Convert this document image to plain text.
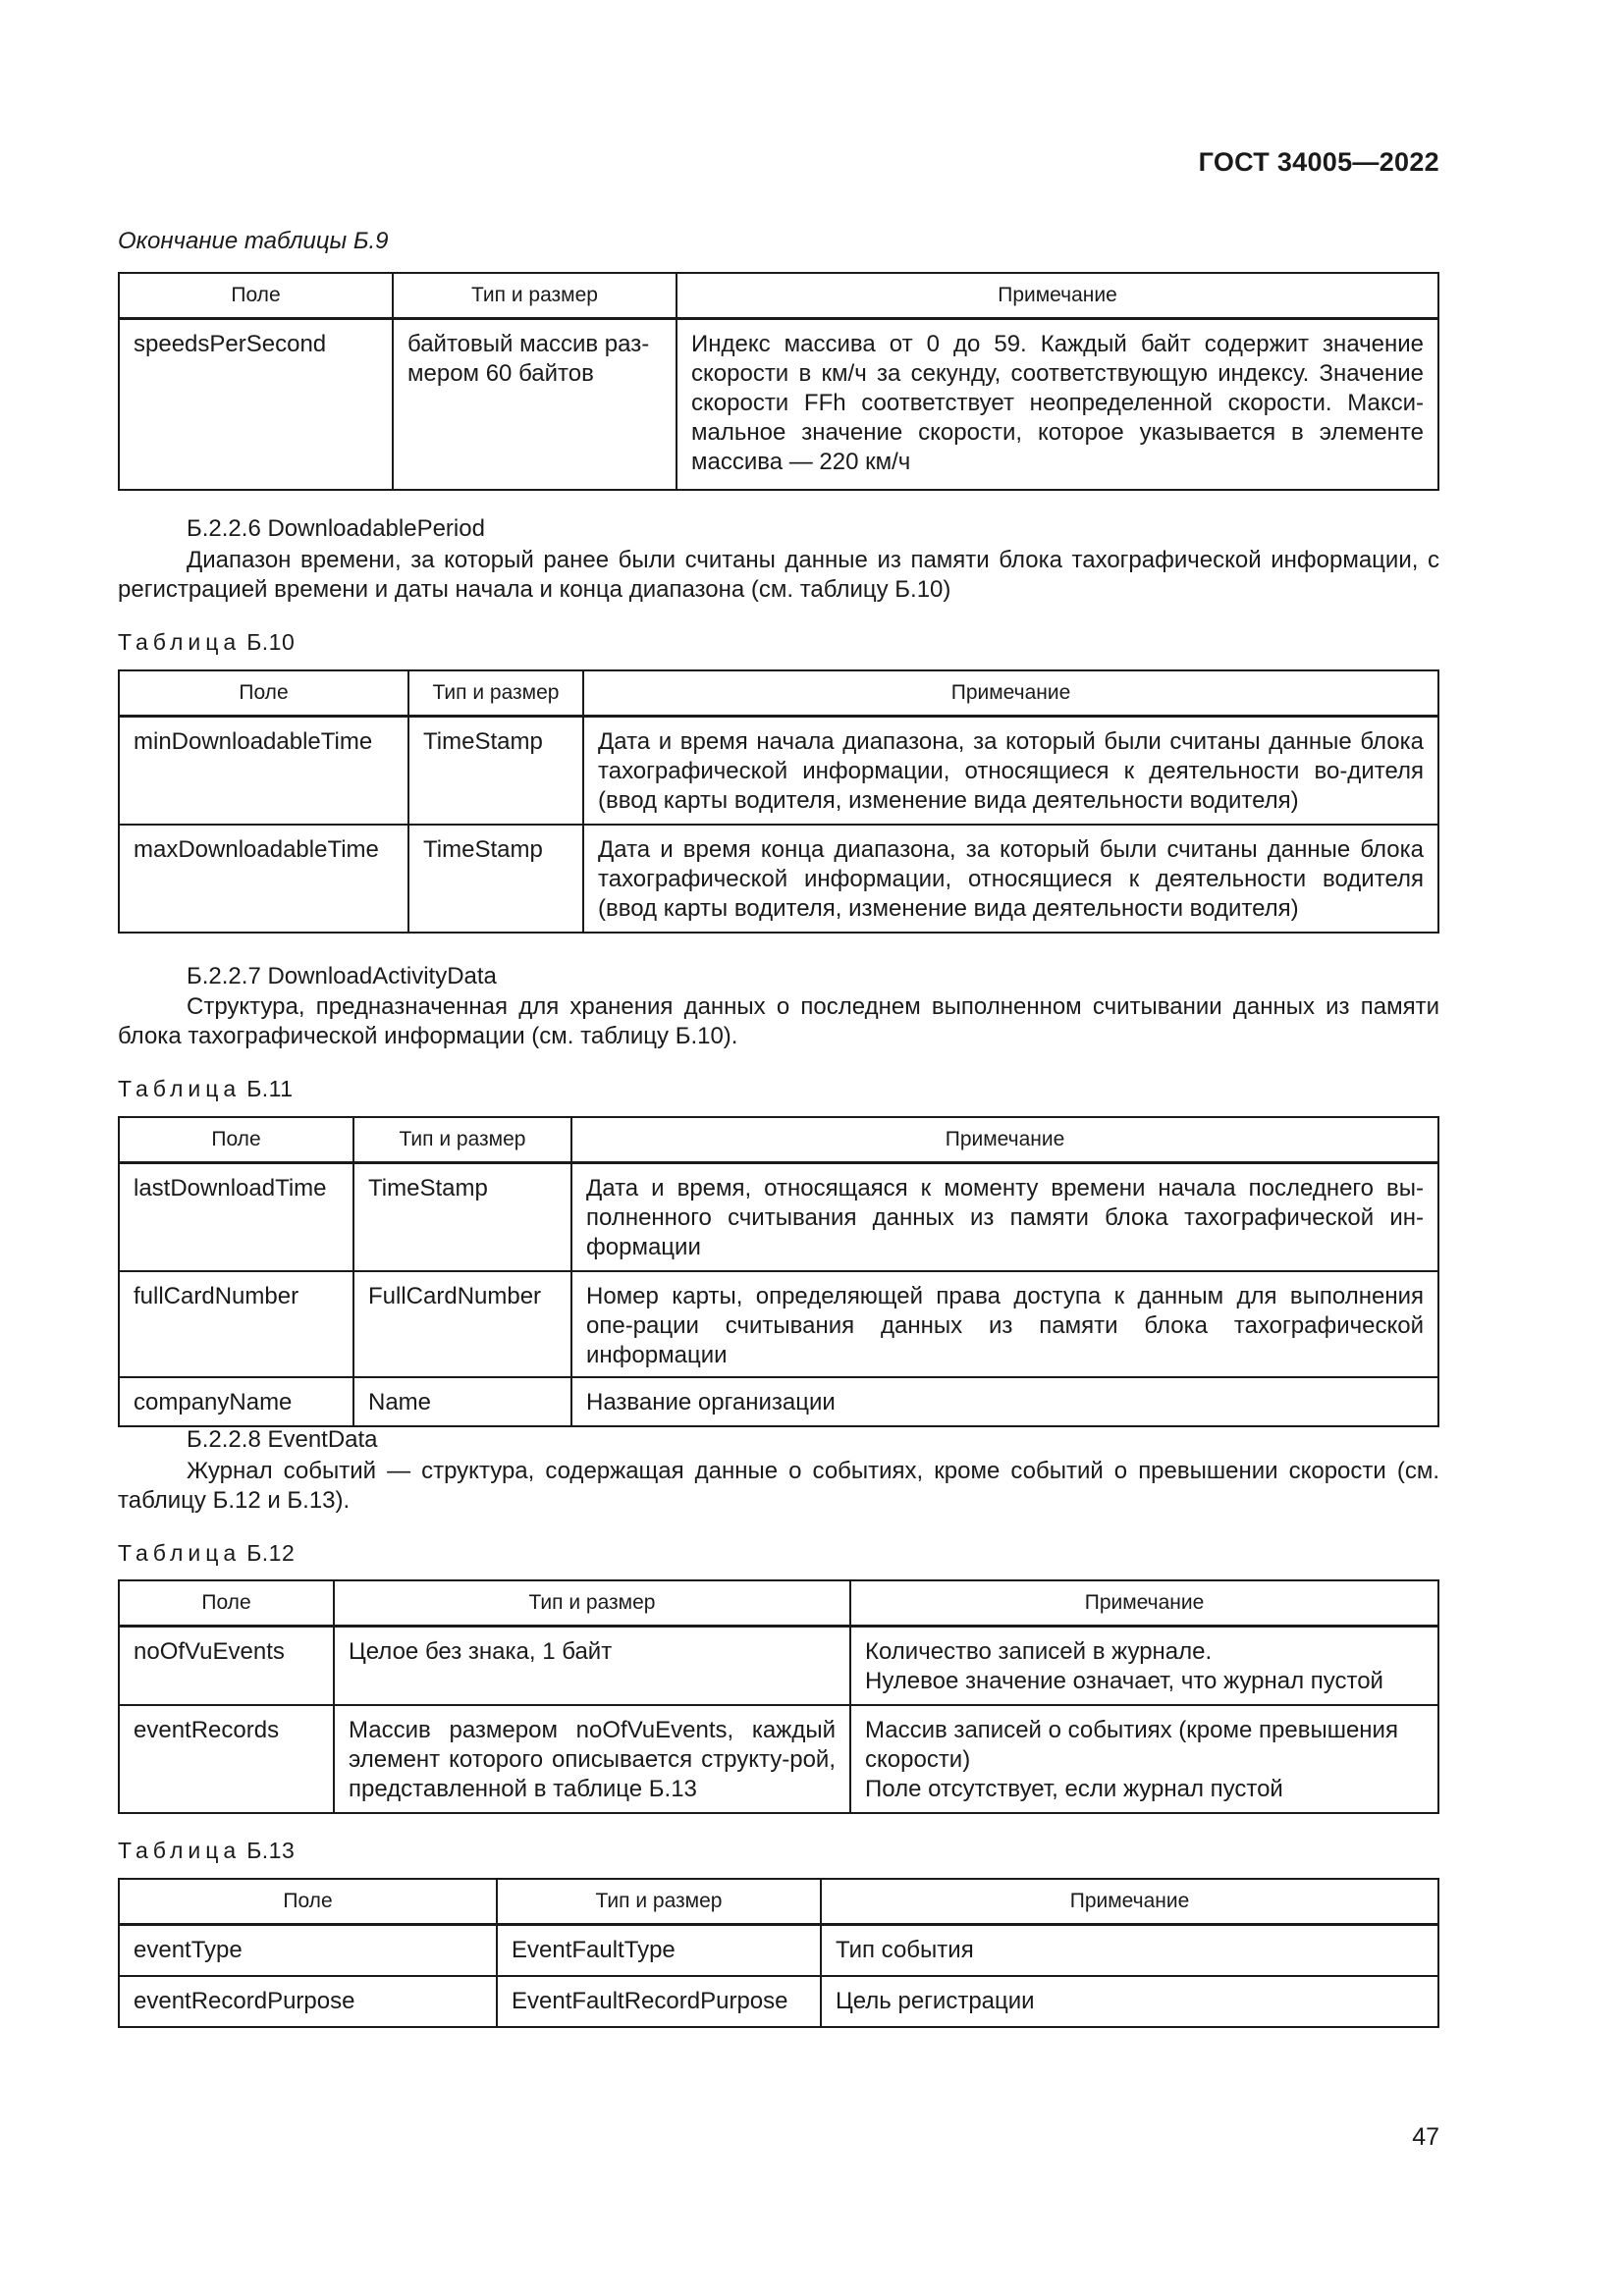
ГОСТ 34005—2022
Окончание таблицы Б.9
Поле	Тип и размер	Примечание
speedsPerSecond	байтовый массив раз-мером 60 байтов	Индекс массива от 0 до 59. Каждый байт содержит значение скорости в км/ч за секунду, соответствующую индексу. Значение скорости FFh соответствует неопределенной скорости. Макси-мальное значение скорости, которое указывается в элементе массива — 220 км/ч
Б.2.2.6 DownloadablePeriod
Диапазон времени, за который ранее были считаны данные из памяти блока тахографической информации, с регистрацией времени и даты начала и конца диапазона (см. таблицу Б.10)
Таблица Б.10
Поле	Тип и размер	Примечание
minDownloadableTime	TimeStamp	Дата и время начала диапазона, за который были считаны данные блока тахографической информации, относящиеся к деятельности во-дителя (ввод карты водителя, изменение вида деятельности водителя)
maxDownloadableTime	TimeStamp	Дата и время конца диапазона, за который были считаны данные блока тахографической информации, относящиеся к деятельности водителя (ввод карты водителя, изменение вида деятельности водителя)
Б.2.2.7 DownloadActivityData
Структура, предназначенная для хранения данных о последнем выполненном считывании данных из памяти блока тахографической информации (см. таблицу Б.10).
Таблица Б.11
Поле	Тип и размер	Примечание
lastDownloadTime	TimeStamp	Дата и время, относящаяся к моменту времени начала последнего вы-полненного считывания данных из памяти блока тахографической ин-формации
fullCardNumber	FullCardNumber	Номер карты, определяющей права доступа к данным для выполнения опе-рации считывания данных из памяти блока тахографической информации
companyName	Name	Название организации
Б.2.2.8 EventData
Журнал событий — структура, содержащая данные о событиях, кроме событий о превышении скорости (см. таблицу Б.12 и Б.13).
Таблица Б.12
Поле	Тип и размер	Примечание
noOfVuEvents	Целое без знака, 1 байт	Количество записей в журнале.
Нулевое значение означает, что журнал пустой

eventRecords	Массив размером noOfVuEvents, каждый элемент которого описывается структу-рой, представленной в таблице Б.13	Массив записей о событиях (кроме превышения скорости)
Поле отсутствует, если журнал пустой
Таблица Б.13
Поле	Тип и размер	Примечание
eventType	EventFaultType	Тип события
eventRecordPurpose	EventFaultRecordPurpose	Цель регистрации
47
